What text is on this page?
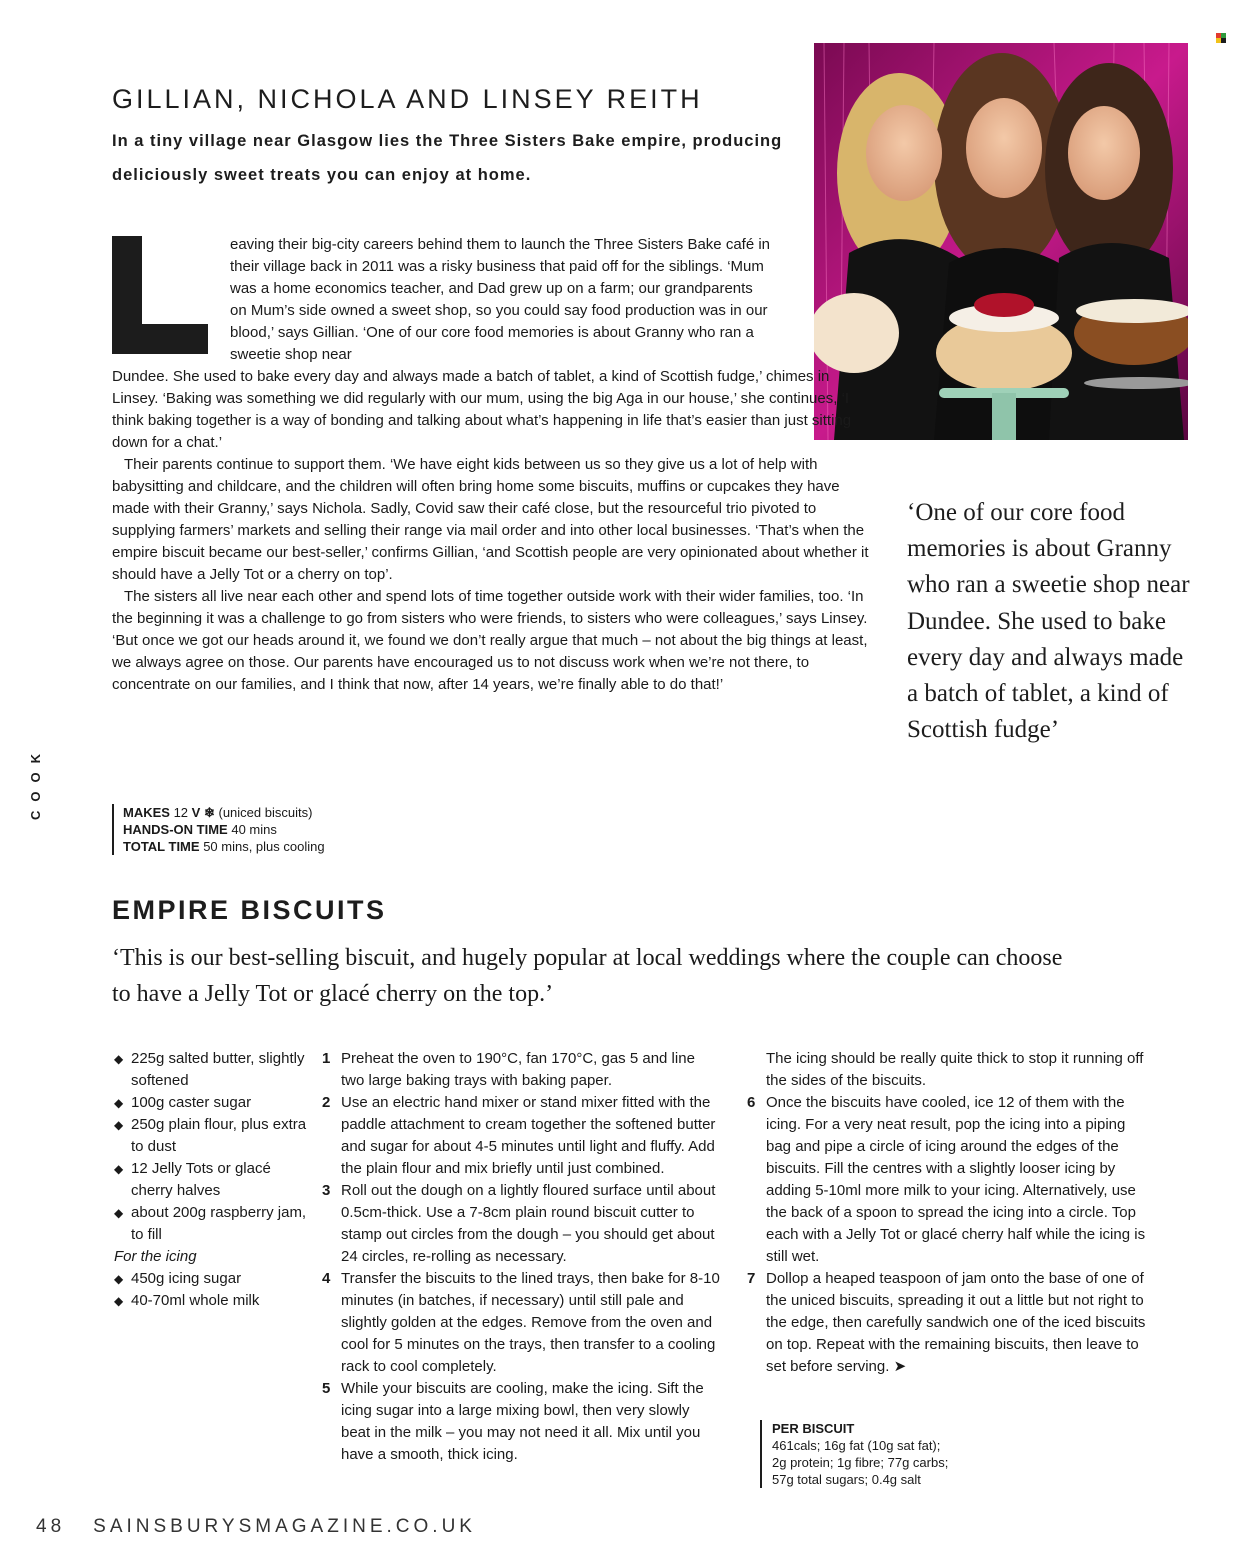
GILLIAN, NICHOLA AND LINSEY REITH
In a tiny village near Glasgow lies the Three Sisters Bake empire, producing deliciously sweet treats you can enjoy at home.

eaving their big-city careers behind them to launch the Three Sisters Bake café in their village back in 2011 was a risky business that paid off for the siblings. ‘Mum was a home economics teacher, and Dad grew up on a farm; our grandparents on Mum’s side owned a sweet shop, so you could say food production was in our blood,’ says Gillian. ‘One of our core food memories is about Granny who ran a sweetie shop near

Dundee. She used to bake every day and always made a batch of tablet, a kind of Scottish fudge,’ chimes in Linsey. ‘Baking was something we did regularly with our mum, using the big Aga in our house,’ she continues, ‘I think baking together is a way of bonding and talking about what’s happening in life that’s easier than just sitting down for a chat.’

Their parents continue to support them. ‘We have eight kids between us so they give us a lot of help with babysitting and childcare, and the children will often bring home some biscuits, muffins or cupcakes they have made with their Granny,’ says Nichola. Sadly, Covid saw their café close, but the resourceful trio pivoted to supplying farmers’ markets and selling their range via mail order and into other local businesses. ‘That’s when the empire biscuit became our best-seller,’ confirms Gillian, ‘and Scottish people are very opinionated about whether it should have a Jelly Tot or a cherry on top’.

The sisters all live near each other and spend lots of time together outside work with their wider families, too. ‘In the beginning it was a challenge to go from sisters who were friends, to sisters who were colleagues,’ says Linsey. ‘But once we got our heads around it, we found we don’t really argue that much – not about the big things at least, we always agree on those. Our parents have encouraged us to not discuss work when we’re not there, to concentrate on our families, and I think that now, after 14 years, we’re finally able to do that!’

‘One of our core food memories is about Granny who ran a sweetie shop near Dundee. She used to bake every day and always made a batch of tablet, a kind of Scottish fudge’
COOK	MAKES 12 V ❄ (uniced biscuits)
HANDS-ON TIME 40 mins
TOTAL TIME 50 mins, plus cooling
EMPIRE BISCUITS
‘This is our best-selling biscuit, and hugely popular at local weddings where the couple can choose to have a Jelly Tot or glacé cherry on the top.’
◆ 225g salted butter, slightly softened
◆ 100g caster sugar
◆ 250g plain flour, plus extra to dust
◆ 12 Jelly Tots or glacé cherry halves
◆ about 200g raspberry jam, to fill
For the icing
◆ 450g icing sugar
◆ 40-70ml whole milk
1 Preheat the oven to 190°C, fan 170°C, gas 5 and line two large baking trays with baking paper.
2 Use an electric hand mixer or stand mixer fitted with the paddle attachment to cream together the softened butter and sugar for about 4-5 minutes until light and fluffy. Add the plain flour and mix briefly until just combined.
3 Roll out the dough on a lightly floured surface until about 0.5cm-thick. Use a 7-8cm plain round biscuit cutter to stamp out circles from the dough – you should get about 24 circles, re-rolling as necessary.
4 Transfer the biscuits to the lined trays, then bake for 8-10 minutes (in batches, if necessary) until still pale and slightly golden at the edges. Remove from the oven and cool for 5 minutes on the trays, then transfer to a cooling rack to cool completely.
5 While your biscuits are cooling, make the icing. Sift the icing sugar into a large mixing bowl, then very slowly beat in the milk – you may not need it all. Mix until you have a smooth, thick icing.
The icing should be really quite thick to stop it running off the sides of the biscuits.
6 Once the biscuits have cooled, ice 12 of them with the icing. For a very neat result, pop the icing into a piping bag and pipe a circle of icing around the edges of the biscuits. Fill the centres with a slightly looser icing by adding 5-10ml more milk to your icing. Alternatively, use the back of a spoon to spread the icing into a circle. Top each with a Jelly Tot or glacé cherry half while the icing is still wet.
7 Dollop a heaped teaspoon of jam onto the base of one of the uniced biscuits, spreading it out a little but not right to the edge, then carefully sandwich one of the iced biscuits on top. Repeat with the remaining biscuits, then leave to set before serving. ➤
PER BISCUIT
461cals; 16g fat (10g sat fat);
2g protein; 1g fibre; 77g carbs;
57g total sugars; 0.4g salt
48 SAINSBURYSMAGAZINE.CO.UK
